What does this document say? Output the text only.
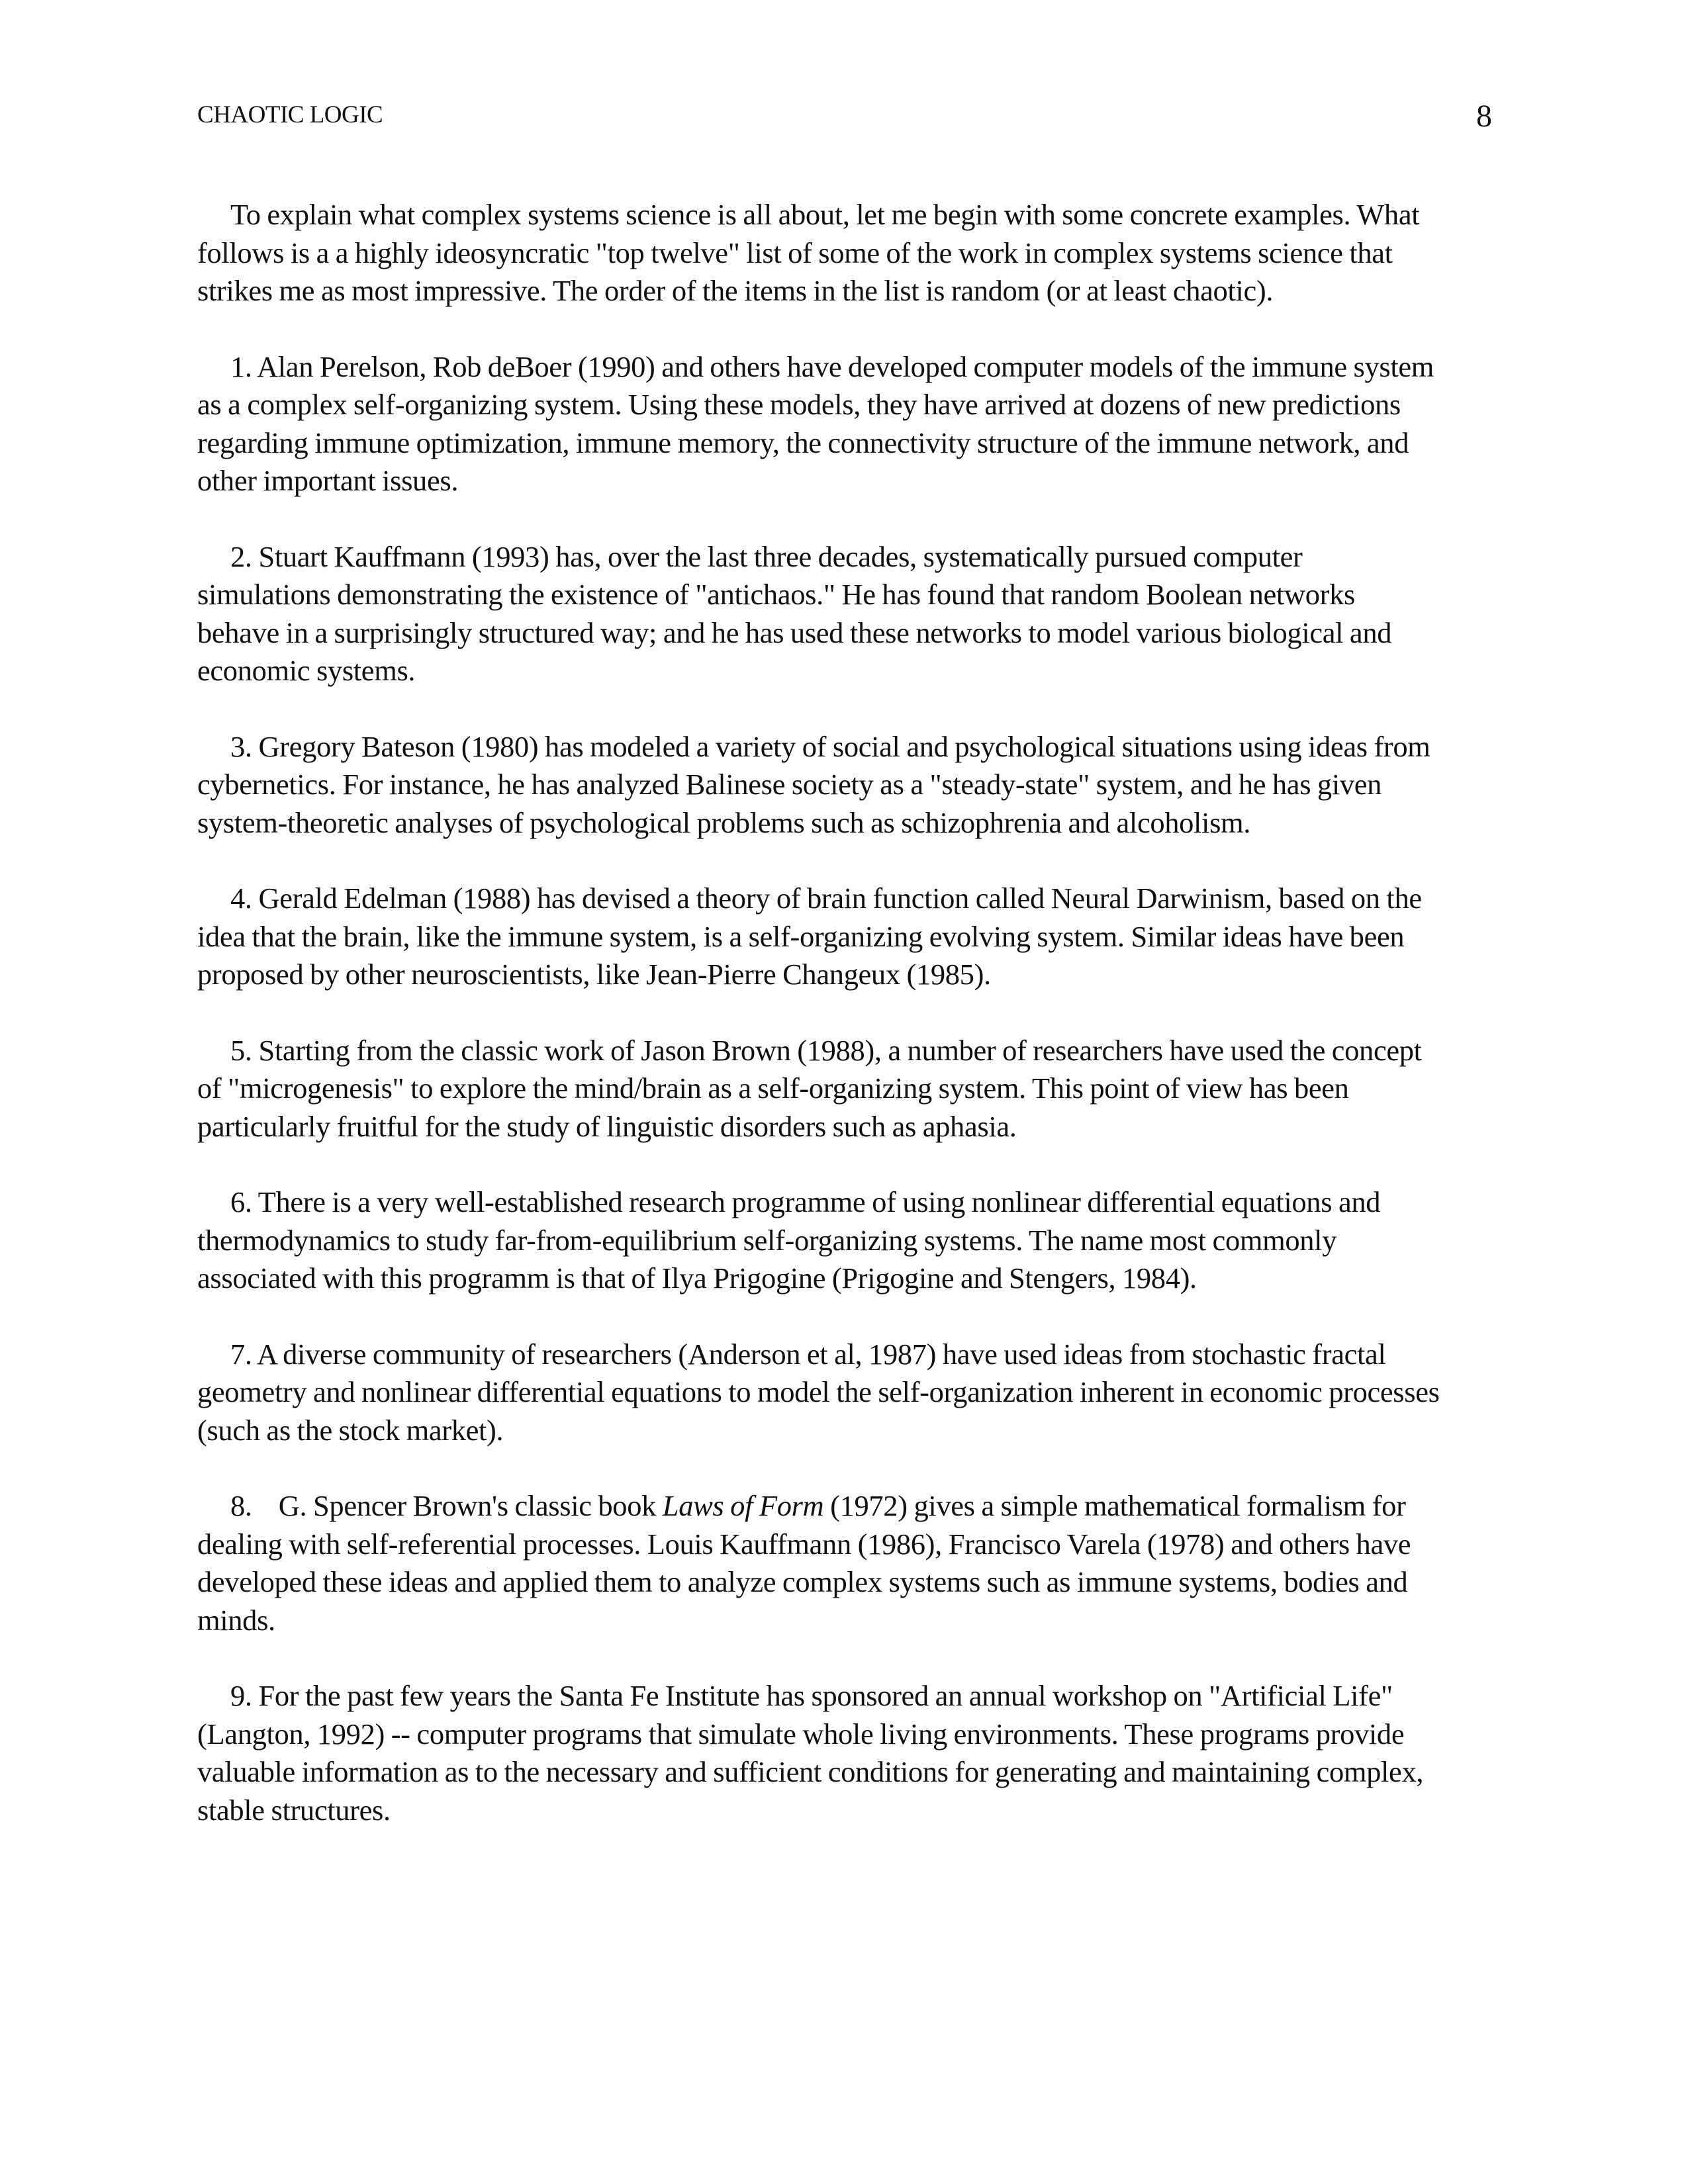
CHAOTIC LOGIC	8

To explain what complex systems science is all about, let me begin with some concrete examples. What follows is a a highly ideosyncratic "top twelve" list of some of the work in complex systems science that strikes me as most impressive. The order of the items in the list is random (or at least chaotic).

1. Alan Perelson, Rob deBoer (1990) and others have developed computer models of the immune system as a complex self-organizing system. Using these models, they have arrived at dozens of new predictions regarding immune optimization, immune memory, the connectivity structure of the immune network, and other important issues.

2. Stuart Kauffmann (1993) has, over the last three decades, systematically pursued computer simulations demonstrating the existence of "antichaos." He has found that random Boolean networks behave in a surprisingly structured way; and he has used these networks to model various biological and economic systems.

3. Gregory Bateson (1980) has modeled a variety of social and psychological situations using ideas from cybernetics. For instance, he has analyzed Balinese society as a "steady-state" system, and he has given system-theoretic analyses of psychological problems such as schizophrenia and alcoholism.

4. Gerald Edelman (1988) has devised a theory of brain function called Neural Darwinism, based on the idea that the brain, like the immune system, is a self-organizing evolving system. Similar ideas have been proposed by other neuroscientists, like Jean-Pierre Changeux (1985).

5. Starting from the classic work of Jason Brown (1988), a number of researchers have used the concept of "microgenesis" to explore the mind/brain as a self-organizing system. This point of view has been particularly fruitful for the study of linguistic disorders such as aphasia.

6. There is a very well-established research programme of using nonlinear differential equations and thermodynamics to study far-from-equilibrium self-organizing systems. The name most commonly associated with this programm is that of Ilya Prigogine (Prigogine and Stengers, 1984).

7. A diverse community of researchers (Anderson et al, 1987) have used ideas from stochastic fractal geometry and nonlinear differential equations to model the self-organization inherent in economic processes (such as the stock market).

8. G. Spencer Brown's classic book Laws of Form (1972) gives a simple mathematical formalism for dealing with self-referential processes. Louis Kauffmann (1986), Francisco Varela (1978) and others have developed these ideas and applied them to analyze complex systems such as immune systems, bodies and minds.

9. For the past few years the Santa Fe Institute has sponsored an annual workshop on "Artificial Life" (Langton, 1992) -- computer programs that simulate whole living environments. These programs provide valuable information as to the necessary and sufficient conditions for generating and maintaining complex, stable structures.
